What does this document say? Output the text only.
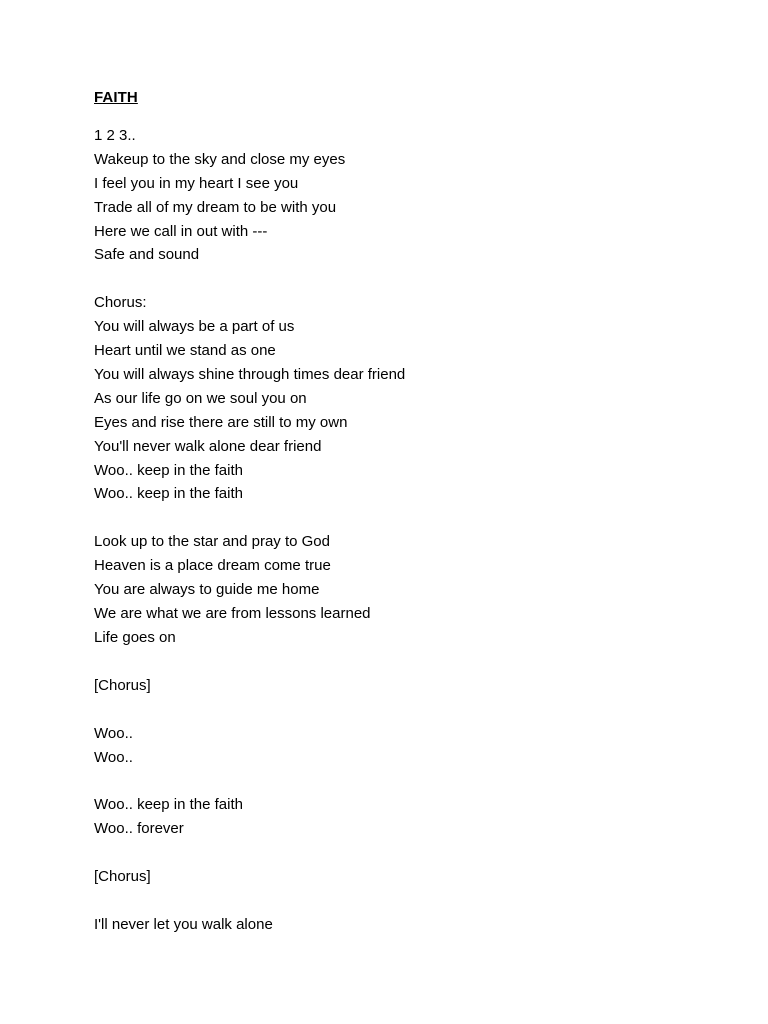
FAITH
1 2 3..
Wakeup to the sky and close my eyes
I feel you in my heart I see you
Trade all of my dream to be with you
Here we call in out with ---
Safe and sound
Chorus:
You will always be a part of us
Heart until we stand as one
You will always shine through times dear friend
As our life go on we soul you on
Eyes and rise there are still to my own
You'll never walk alone dear friend
Woo.. keep in the faith
Woo.. keep in the faith
Look up to the star and pray to God
Heaven is a place dream come true
You are always to guide me home
We are what we are from lessons learned
Life goes on
[Chorus]
Woo..
Woo..
Woo.. keep in the faith
Woo.. forever
[Chorus]
I'll never let you walk alone
